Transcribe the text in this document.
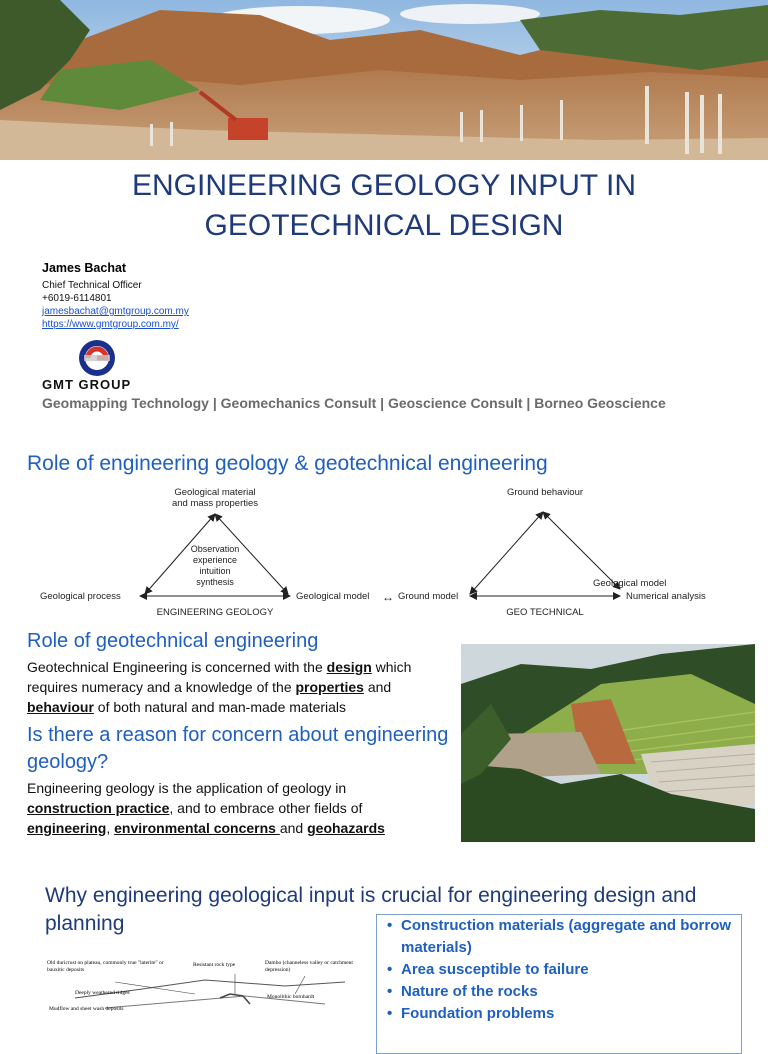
ENGINEERING GEOLOGY INPUT IN
GEOTECHNICAL DESIGN
James Bachat
Chief Technical Officer
+6019-6114801
jamesbachat@gmtgroup.com.my
https://www.gmtgroup.com.my/
GMT GROUP
Geomapping Technology | Geomechanics Consult | Geoscience Consult | Borneo Geoscience
Role of engineering geology & geotechnical engineering
Geological material
and mass properties
Observation
experience
intuition
synthesis
Geological process	Geological model	↔ Ground model
ENGINEERING GEOLOGY
Ground behaviour
Geological model
Numerical analysis
GEO TECHNICAL
Role of geotechnical engineering
Geotechnical Engineering is concerned with the design which requires numeracy and a knowledge of the properties and behaviour of both natural and man-made materials
Is there a reason for concern about engineering geology?
Engineering geology is the application of geology in construction practice, and to embrace other fields of engineering, environmental concerns and geohazards
Why engineering geological input is crucial for engineering design and planning
Old duricrust on plateau, commonly true "laterite" or bauxitic deposits
Resistant rock type	Dambo (channeless valley or catchment depression)
Deeply weathered ridges
Monolithic bornhardt
Mudflow and sheet wash deposits
• Construction materials (aggregate and borrow materials)
• Area susceptible to failure
• Nature of the rocks
• Foundation problems
